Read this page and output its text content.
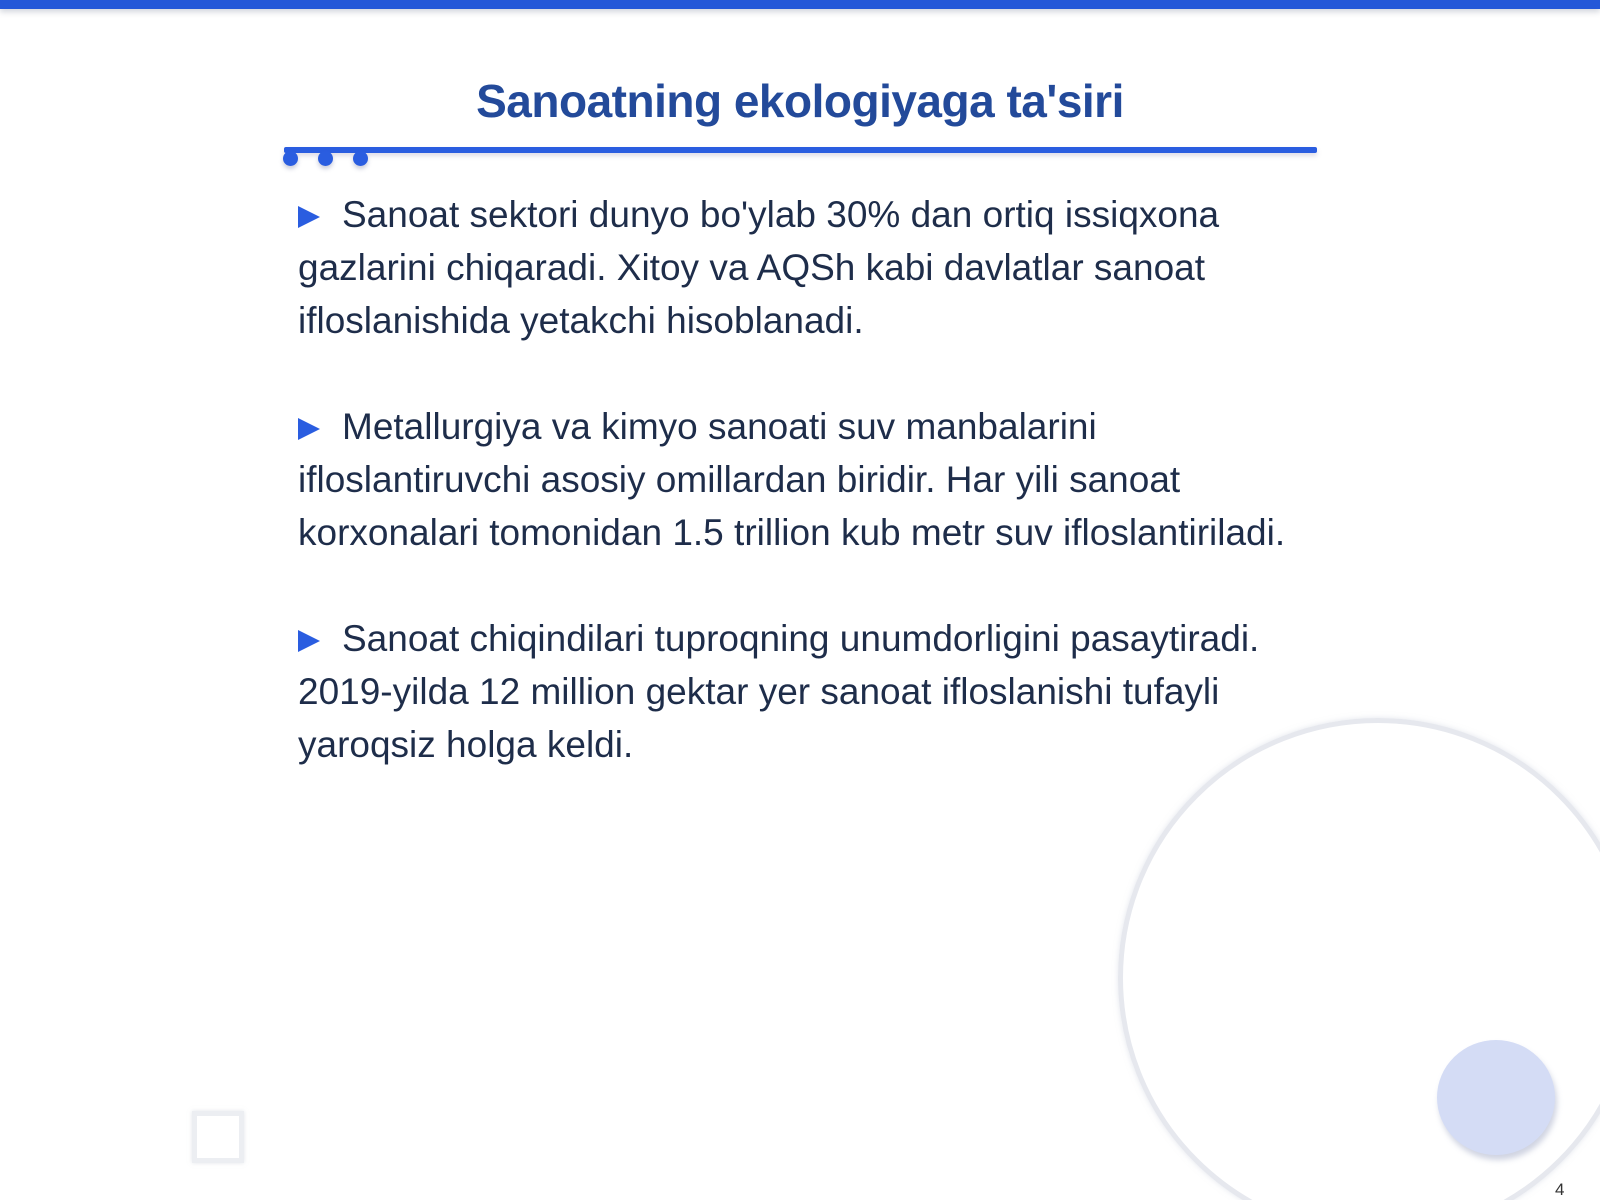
Sanoatning ekologiyaga ta'siri

Sanoat sektori dunyo bo'ylab 30% dan ortiq issiqxona gazlarini chiqaradi. Xitoy va AQSh kabi davlatlar sanoat ifloslanishida yetakchi hisoblanadi.

Metallurgiya va kimyo sanoati suv manbalarini ifloslantiruvchi asosiy omillardan biridir. Har yili sanoat korxonalari tomonidan 1.5 trillion kub metr suv ifloslantiriladi.

Sanoat chiqindilari tuproqning unumdorligini pasaytiradi. 2019-yilda 12 million gektar yer sanoat ifloslanishi tufayli yaroqsiz holga keldi.

4
